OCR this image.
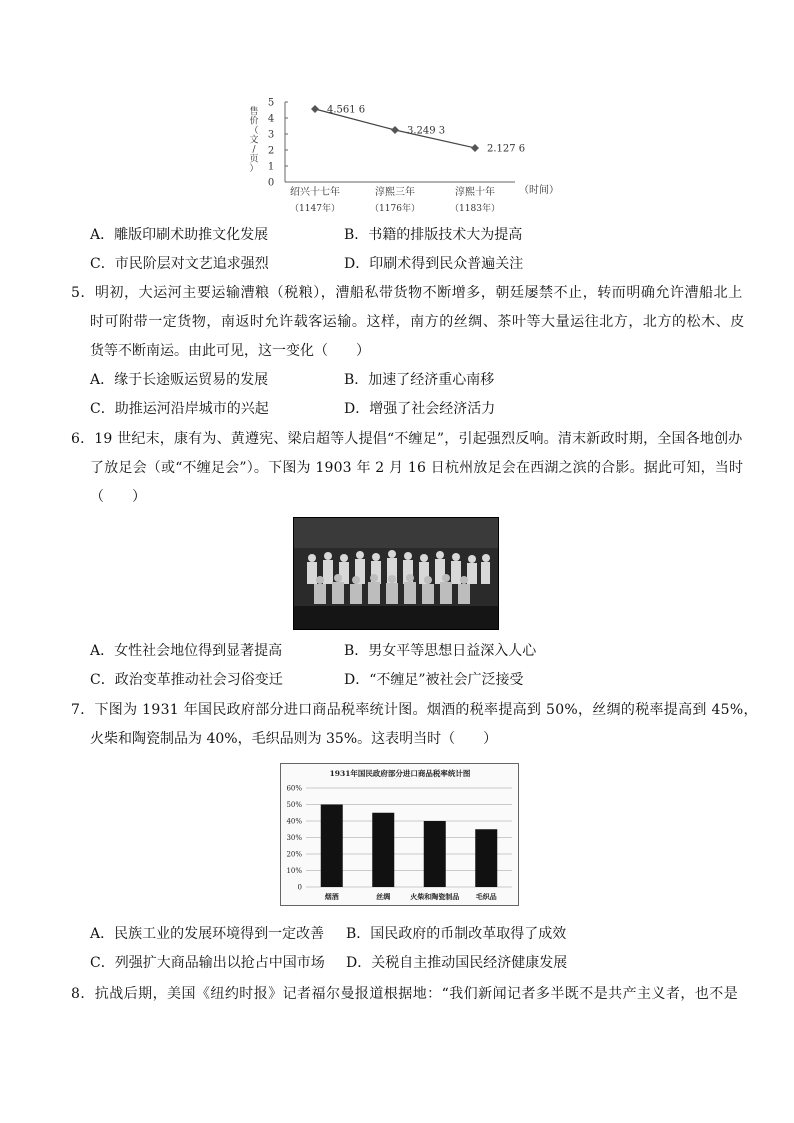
售
价
（
文
/
页
）
0
1
2
3
4
5
4.561 6
3.249 3
2.127 6
绍兴十七年
（1147年）
淳熙三年
（1176年）
淳熙十年
（1183年）
（时间）
A．雕版印刷术助推文化发展	B．书籍的排版技术大为提高
C．市民阶层对文艺追求强烈	D．印刷术得到民众普遍关注
5．明初，大运河主要运输漕粮（税粮），漕船私带货物不断增多，朝廷屡禁不止，转而明确允许漕船北上
时可附带一定货物，南返时允许载客运输。这样，南方的丝绸、茶叶等大量运往北方，北方的松木、皮
货等不断南运。由此可见，这一变化（　　）
A．缘于长途贩运贸易的发展	B．加速了经济重心南移
C．助推运河沿岸城市的兴起	D．增强了社会经济活力
6．19 世纪末，康有为、黄遵宪、梁启超等人提倡“不缠足”，引起强烈反响。清末新政时期，全国各地创办
了放足会（或“不缠足会”）。下图为 1903 年 2 月 16 日杭州放足会在西湖之滨的合影。据此可知，当时
（　　）
A．女性社会地位得到显著提高	B．男女平等思想日益深入人心
C．政治变革推动社会习俗变迁	D．“不缠足”被社会广泛接受
7．下图为 1931 年国民政府部分进口商品税率统计图。烟酒的税率提高到 50%，丝绸的税率提高到 45%，
火柴和陶瓷制品为 40%，毛织品则为 35%。这表明当时（　　）
1931年国民政府部分进口商品税率统计图
0
10%
20%
30%
40%
50%
60%
烟酒	丝绸	火柴和陶瓷制品 毛织品
A．民族工业的发展环境得到一定改善 B．国民政府的币制改革取得了成效
C．列强扩大商品输出以抢占中国市场 D．关税自主推动国民经济健康发展
8．抗战后期，美国《纽约时报》记者福尔曼报道根据地：“我们新闻记者多半既不是共产主义者，也不是
